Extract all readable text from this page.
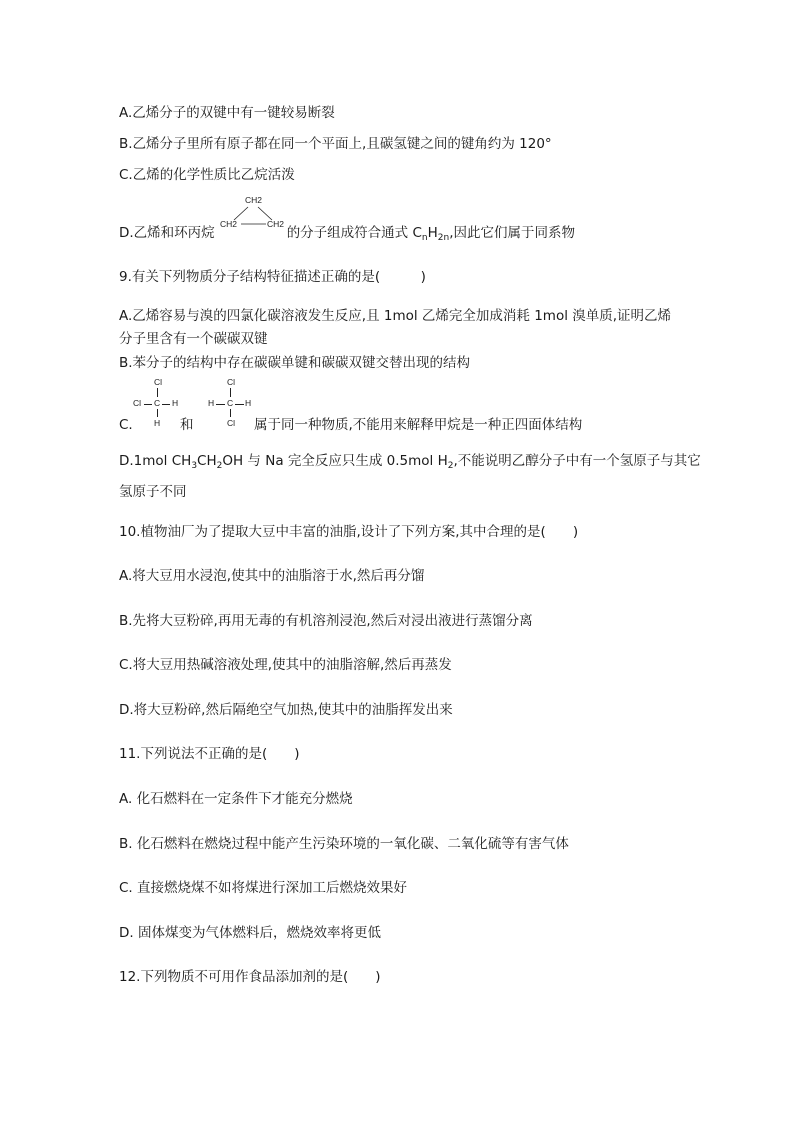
A.乙烯分子的双键中有一键较易断裂
B.乙烯分子里所有原子都在同一个平面上,且碳氢键之间的键角约为 120°
C.乙烯的化学性质比乙烷活泼
CH2
CH2	CH2
D.乙烯和环丙烷	的分子组成符合通式 $C_nH_{2n}$,因此它们属于同系物
9.有关下列物质分子结构特征描述正确的是(　　　)
A.乙烯容易与溴的四氯化碳溶液发生反应,且 1mol 乙烯完全加成消耗 1mol 溴单质,证明乙烯
分子里含有一个碳碳双键
B.苯分子的结构中存在碳碳单键和碳碳双键交替出现的结构
Cl
Cl C H
H
Cl
H C H
Cl
C.	和	属于同一种物质,不能用来解释甲烷是一种正四面体结构
D.1mol $CH_3CH_2OH$ 与 Na 完全反应只生成 0.5mol $H_2$,不能说明乙醇分子中有一个氢原子与其它
氢原子不同
10.植物油厂为了提取大豆中丰富的油脂,设计了下列方案,其中合理的是(　　)
A.将大豆用水浸泡,使其中的油脂溶于水,然后再分馏
B.先将大豆粉碎,再用无毒的有机溶剂浸泡,然后对浸出液进行蒸馏分离
C.将大豆用热碱溶液处理,使其中的油脂溶解,然后再蒸发
D.将大豆粉碎,然后隔绝空气加热,使其中的油脂挥发出来
11.下列说法不正确的是(　　)
A. 化石燃料在一定条件下才能充分燃烧
B. 化石燃料在燃烧过程中能产生污染环境的一氧化碳、二氧化硫等有害气体
C. 直接燃烧煤不如将煤进行深加工后燃烧效果好
D. 固体煤变为气体燃料后，燃烧效率将更低
12.下列物质不可用作食品添加剂的是(　　)
